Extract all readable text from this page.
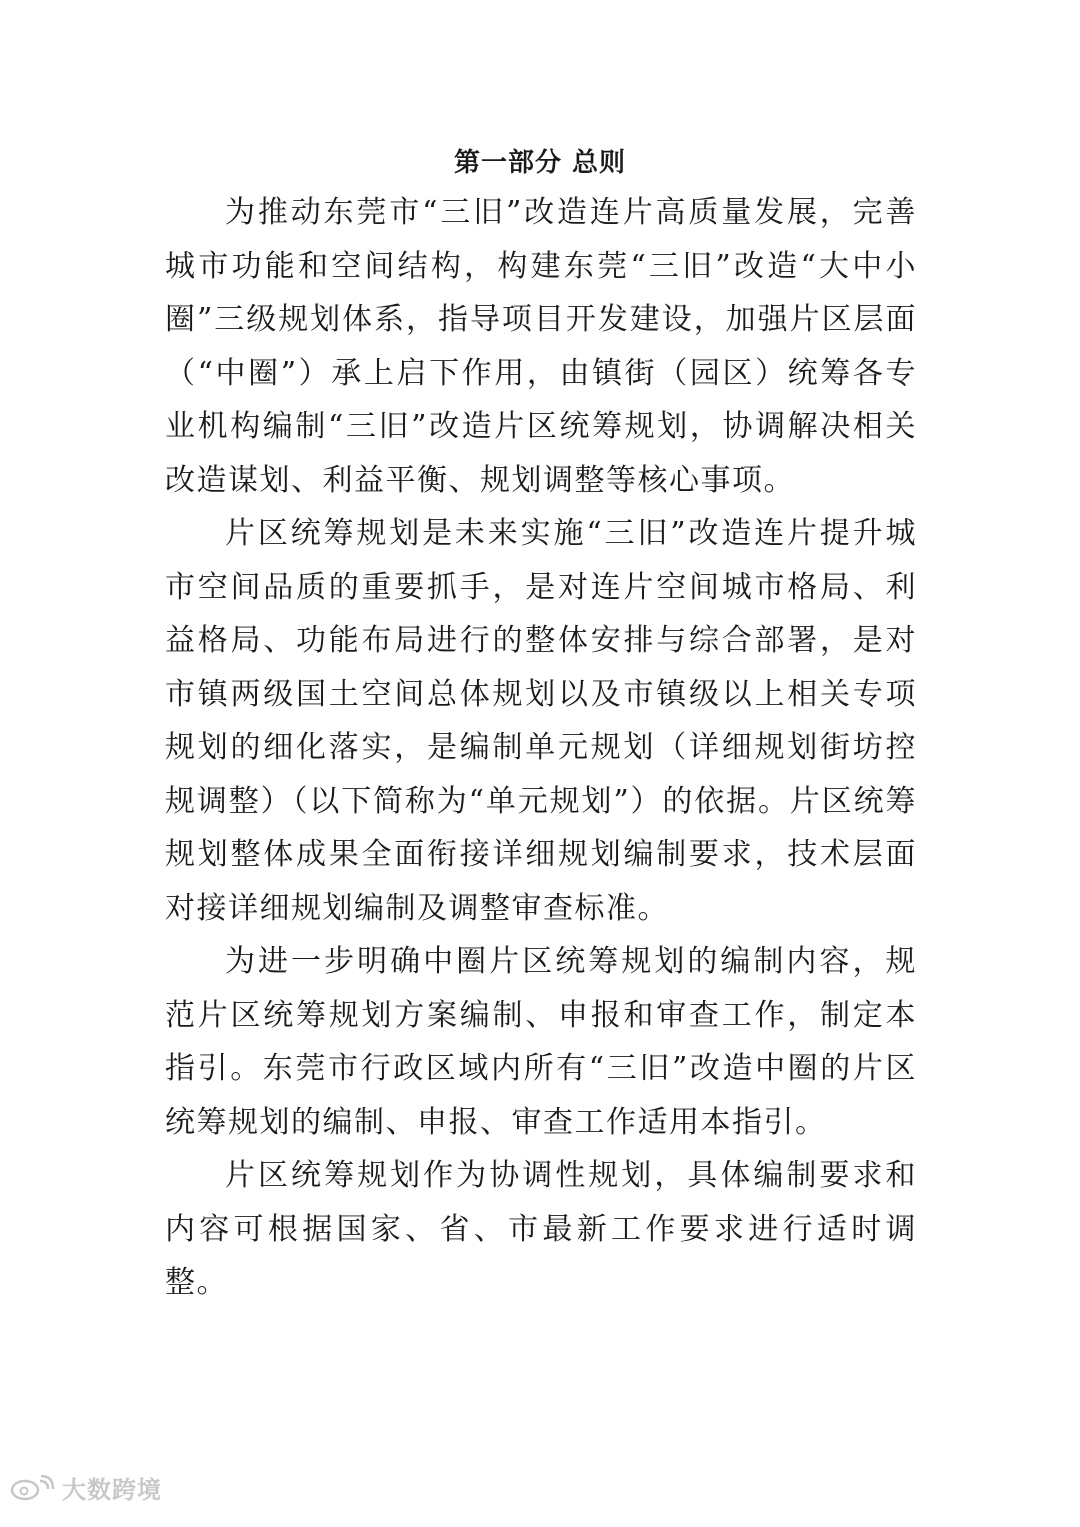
第一部分 总则

为推动东莞市“三旧”改造连片高质量发展，完善城市功能和空间结构，构建东莞“三旧”改造“大中小圈”三级规划体系，指导项目开发建设，加强片区层面（“中圈”）承上启下作用，由镇街（园区）统筹各专业机构编制“三旧”改造片区统筹规划，协调解决相关改造谋划、利益平衡、规划调整等核心事项。

片区统筹规划是未来实施“三旧”改造连片提升城市空间品质的重要抓手，是对连片空间城市格局、利益格局、功能布局进行的整体安排与综合部署，是对市镇两级国土空间总体规划以及市镇级以上相关专项规划的细化落实，是编制单元规划（详细规划街坊控规调整）（以下简称为“单元规划”）的依据。片区统筹规划整体成果全面衔接详细规划编制要求，技术层面对接详细规划编制及调整审查标准。

为进一步明确中圈片区统筹规划的编制内容，规范片区统筹规划方案编制、申报和审查工作，制定本指引。东莞市行政区域内所有“三旧”改造中圈的片区统筹规划的编制、申报、审查工作适用本指引。

片区统筹规划作为协调性规划，具体编制要求和内容可根据国家、省、市最新工作要求进行适时调整。

大数跨境
